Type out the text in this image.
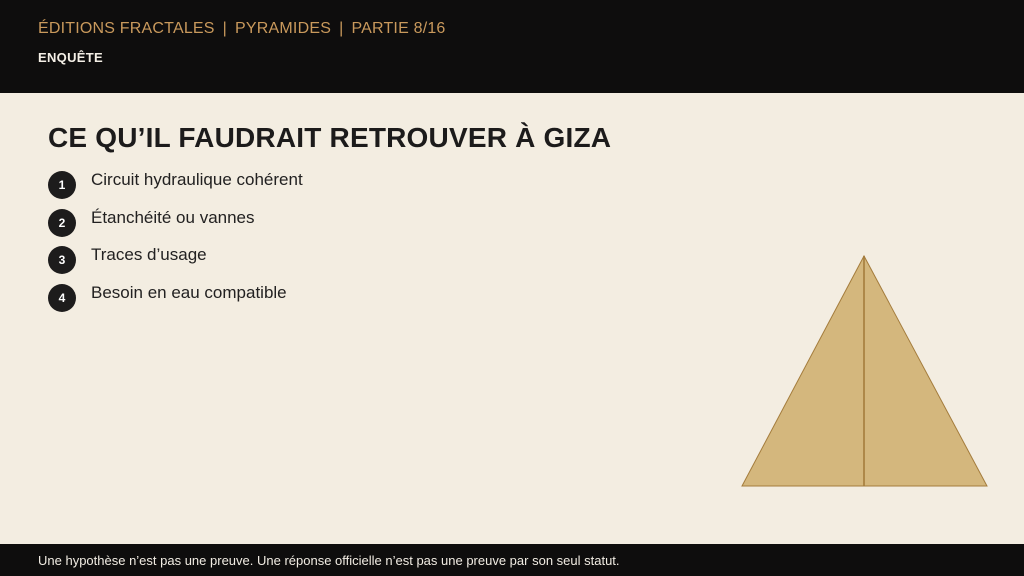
ÉDITIONS FRACTALES | PYRAMIDES | PARTIE 8/16
ENQUÊTE
CE QU’IL FAUDRAIT RETROUVER À GIZA
1	Circuit hydraulique cohérent
2	Étanchéité ou vannes
3	Traces d’usage
4	Besoin en eau compatible
Une hypothèse n’est pas une preuve. Une réponse officielle n’est pas une preuve par son seul statut.
